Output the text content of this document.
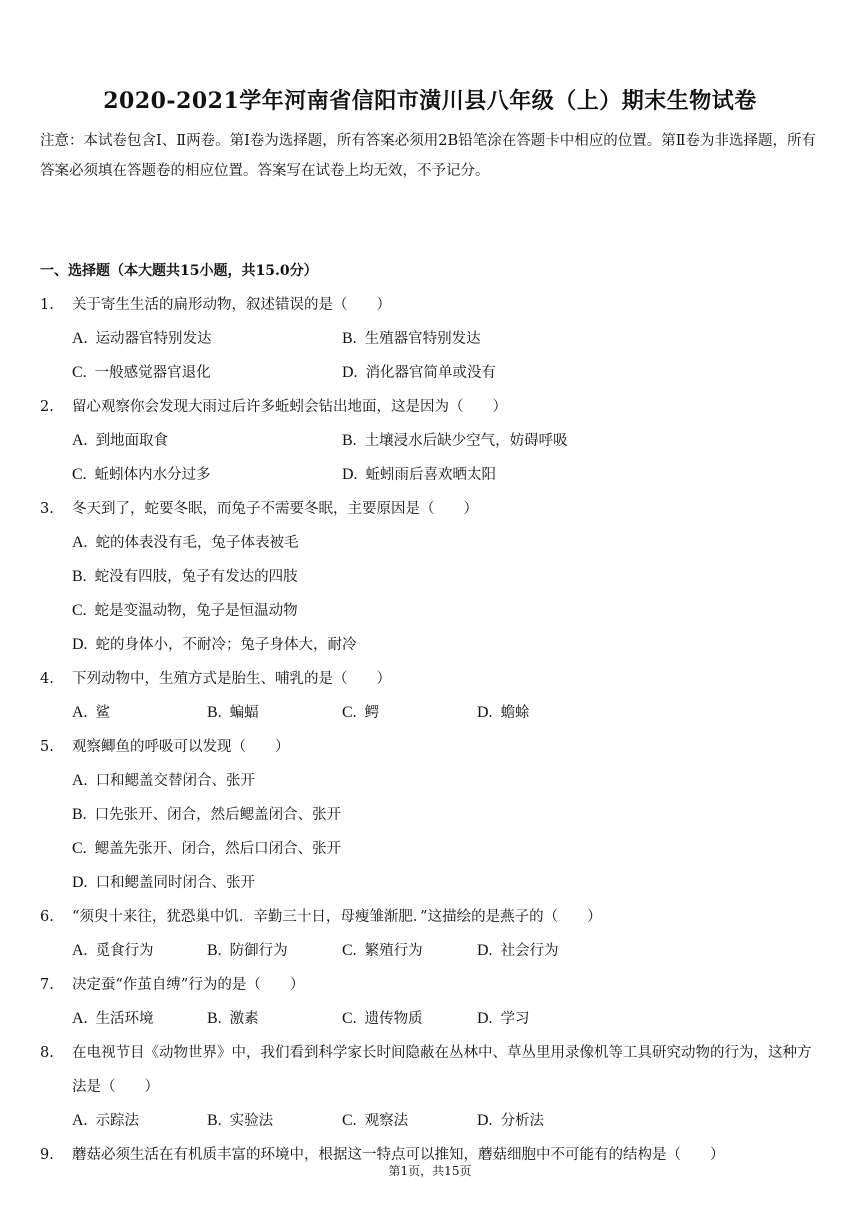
2020-2021学年河南省信阳市潢川县八年级（上）期末生物试卷
注意：本试卷包含Ⅰ、Ⅱ两卷。第Ⅰ卷为选择题，所有答案必须用2B铅笔涂在答题卡中相应的位置。第Ⅱ卷为非选择题，所有答案必须填在答题卷的相应位置。答案写在试卷上均无效，不予记分。
一、选择题（本大题共15小题，共15.0分）
1.	关于寄生生活的扁形动物，叙述错误的是（　　）
A. 运动器官特别发达	B. 生殖器官特别发达
C. 一般感觉器官退化	D. 消化器官简单或没有
2.	留心观察你会发现大雨过后许多蚯蚓会钻出地面，这是因为（　　）
A. 到地面取食	B. 土壤浸水后缺少空气，妨碍呼吸
C. 蚯蚓体内水分过多	D. 蚯蚓雨后喜欢晒太阳
3.	冬天到了，蛇要冬眠，而兔子不需要冬眠，主要原因是（　　）
A. 蛇的体表没有毛，兔子体表被毛
B. 蛇没有四肢，兔子有发达的四肢
C. 蛇是变温动物，兔子是恒温动物
D. 蛇的身体小，不耐冷；兔子身体大，耐冷
4.	下列动物中，生殖方式是胎生、哺乳的是（　　）
A. 鲨	B. 蝙蝠	C. 鳄	D. 蟾蜍
5.	观察鲫鱼的呼吸可以发现（　　）
A. 口和鳃盖交替闭合、张开
B. 口先张开、闭合，然后鳃盖闭合、张开
C. 鳃盖先张开、闭合，然后口闭合、张开
D. 口和鳃盖同时闭合、张开
6.	“须臾十来往，犹恐巢中饥．辛勤三十日，母瘦雏渐肥．”这描绘的是燕子的（　　）
A. 觅食行为	B. 防御行为	C. 繁殖行为	D. 社会行为
7.	决定蚕“作茧自缚”行为的是（　　）
A. 生活环境	B. 激素	C. 遗传物质	D. 学习
8.	在电视节目《动物世界》中，我们看到科学家长时间隐蔽在丛林中、草丛里用录像机等工具研究动物的行为，这种方法是（　　）
A. 示踪法	B. 实验法	C. 观察法	D. 分析法
9.	蘑菇必须生活在有机质丰富的环境中，根据这一特点可以推知，蘑菇细胞中不可能有的结构是（　　）
第1页，共15页
